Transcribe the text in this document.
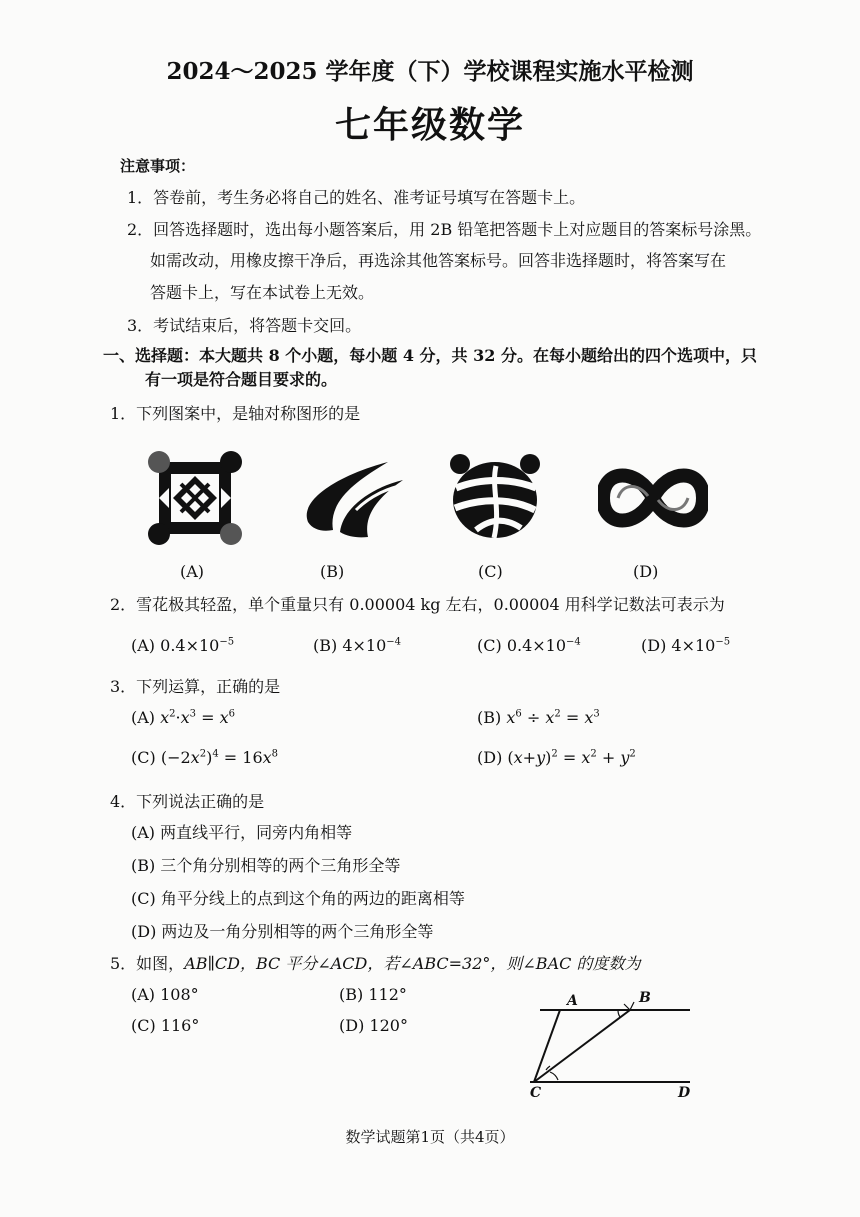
2024～2025 学年度（下）学校课程实施水平检测
七年级数学
注意事项：
1．答卷前，考生务必将自己的姓名、准考证号填写在答题卡上。
2．回答选择题时，选出每小题答案后，用 2B 铅笔把答题卡上对应题目的答案标号涂黑。
如需改动，用橡皮擦干净后，再选涂其他答案标号。回答非选择题时，将答案写在
答题卡上，写在本试卷上无效。
3．考试结束后，将答题卡交回。
一、选择题：本大题共 8 个小题，每小题 4 分，共 32 分。在每小题给出的四个选项中，只
有一项是符合题目要求的。
1．下列图案中，是轴对称图形的是
(A)	(B)	(C)	(D)
2．雪花极其轻盈，单个重量只有 0.00004 kg 左右，0.00004 用科学记数法可表示为
(A) $0.4\times 10^{-5}$	(B) $4\times 10^{-4}$	(C) $0.4\times 10^{-4}$	(D) $4\times 10^{-5}$
3．下列运算，正确的是
(A) $x^2\cdot x^3 = x^6$	(B) $x^6 \div x^2 = x^3$
(C) $(-2x^2)^4 = 16x^8$	(D) $(x+y)^2 = x^2 + y^2$
4．下列说法正确的是
(A) 两直线平行，同旁内角相等
(B) 三个角分别相等的两个三角形全等
(C) 角平分线上的点到这个角的两边的距离相等
(D) 两边及一角分别相等的两个三角形全等
5．如图，AB∥CD，BC 平分∠ACD，若∠ABC=32°，则∠BAC 的度数为
(A) 108°	(B) 112°
(C) 116°	(D) 120°
A	B
C	D
数学试题第1页（共4页）
